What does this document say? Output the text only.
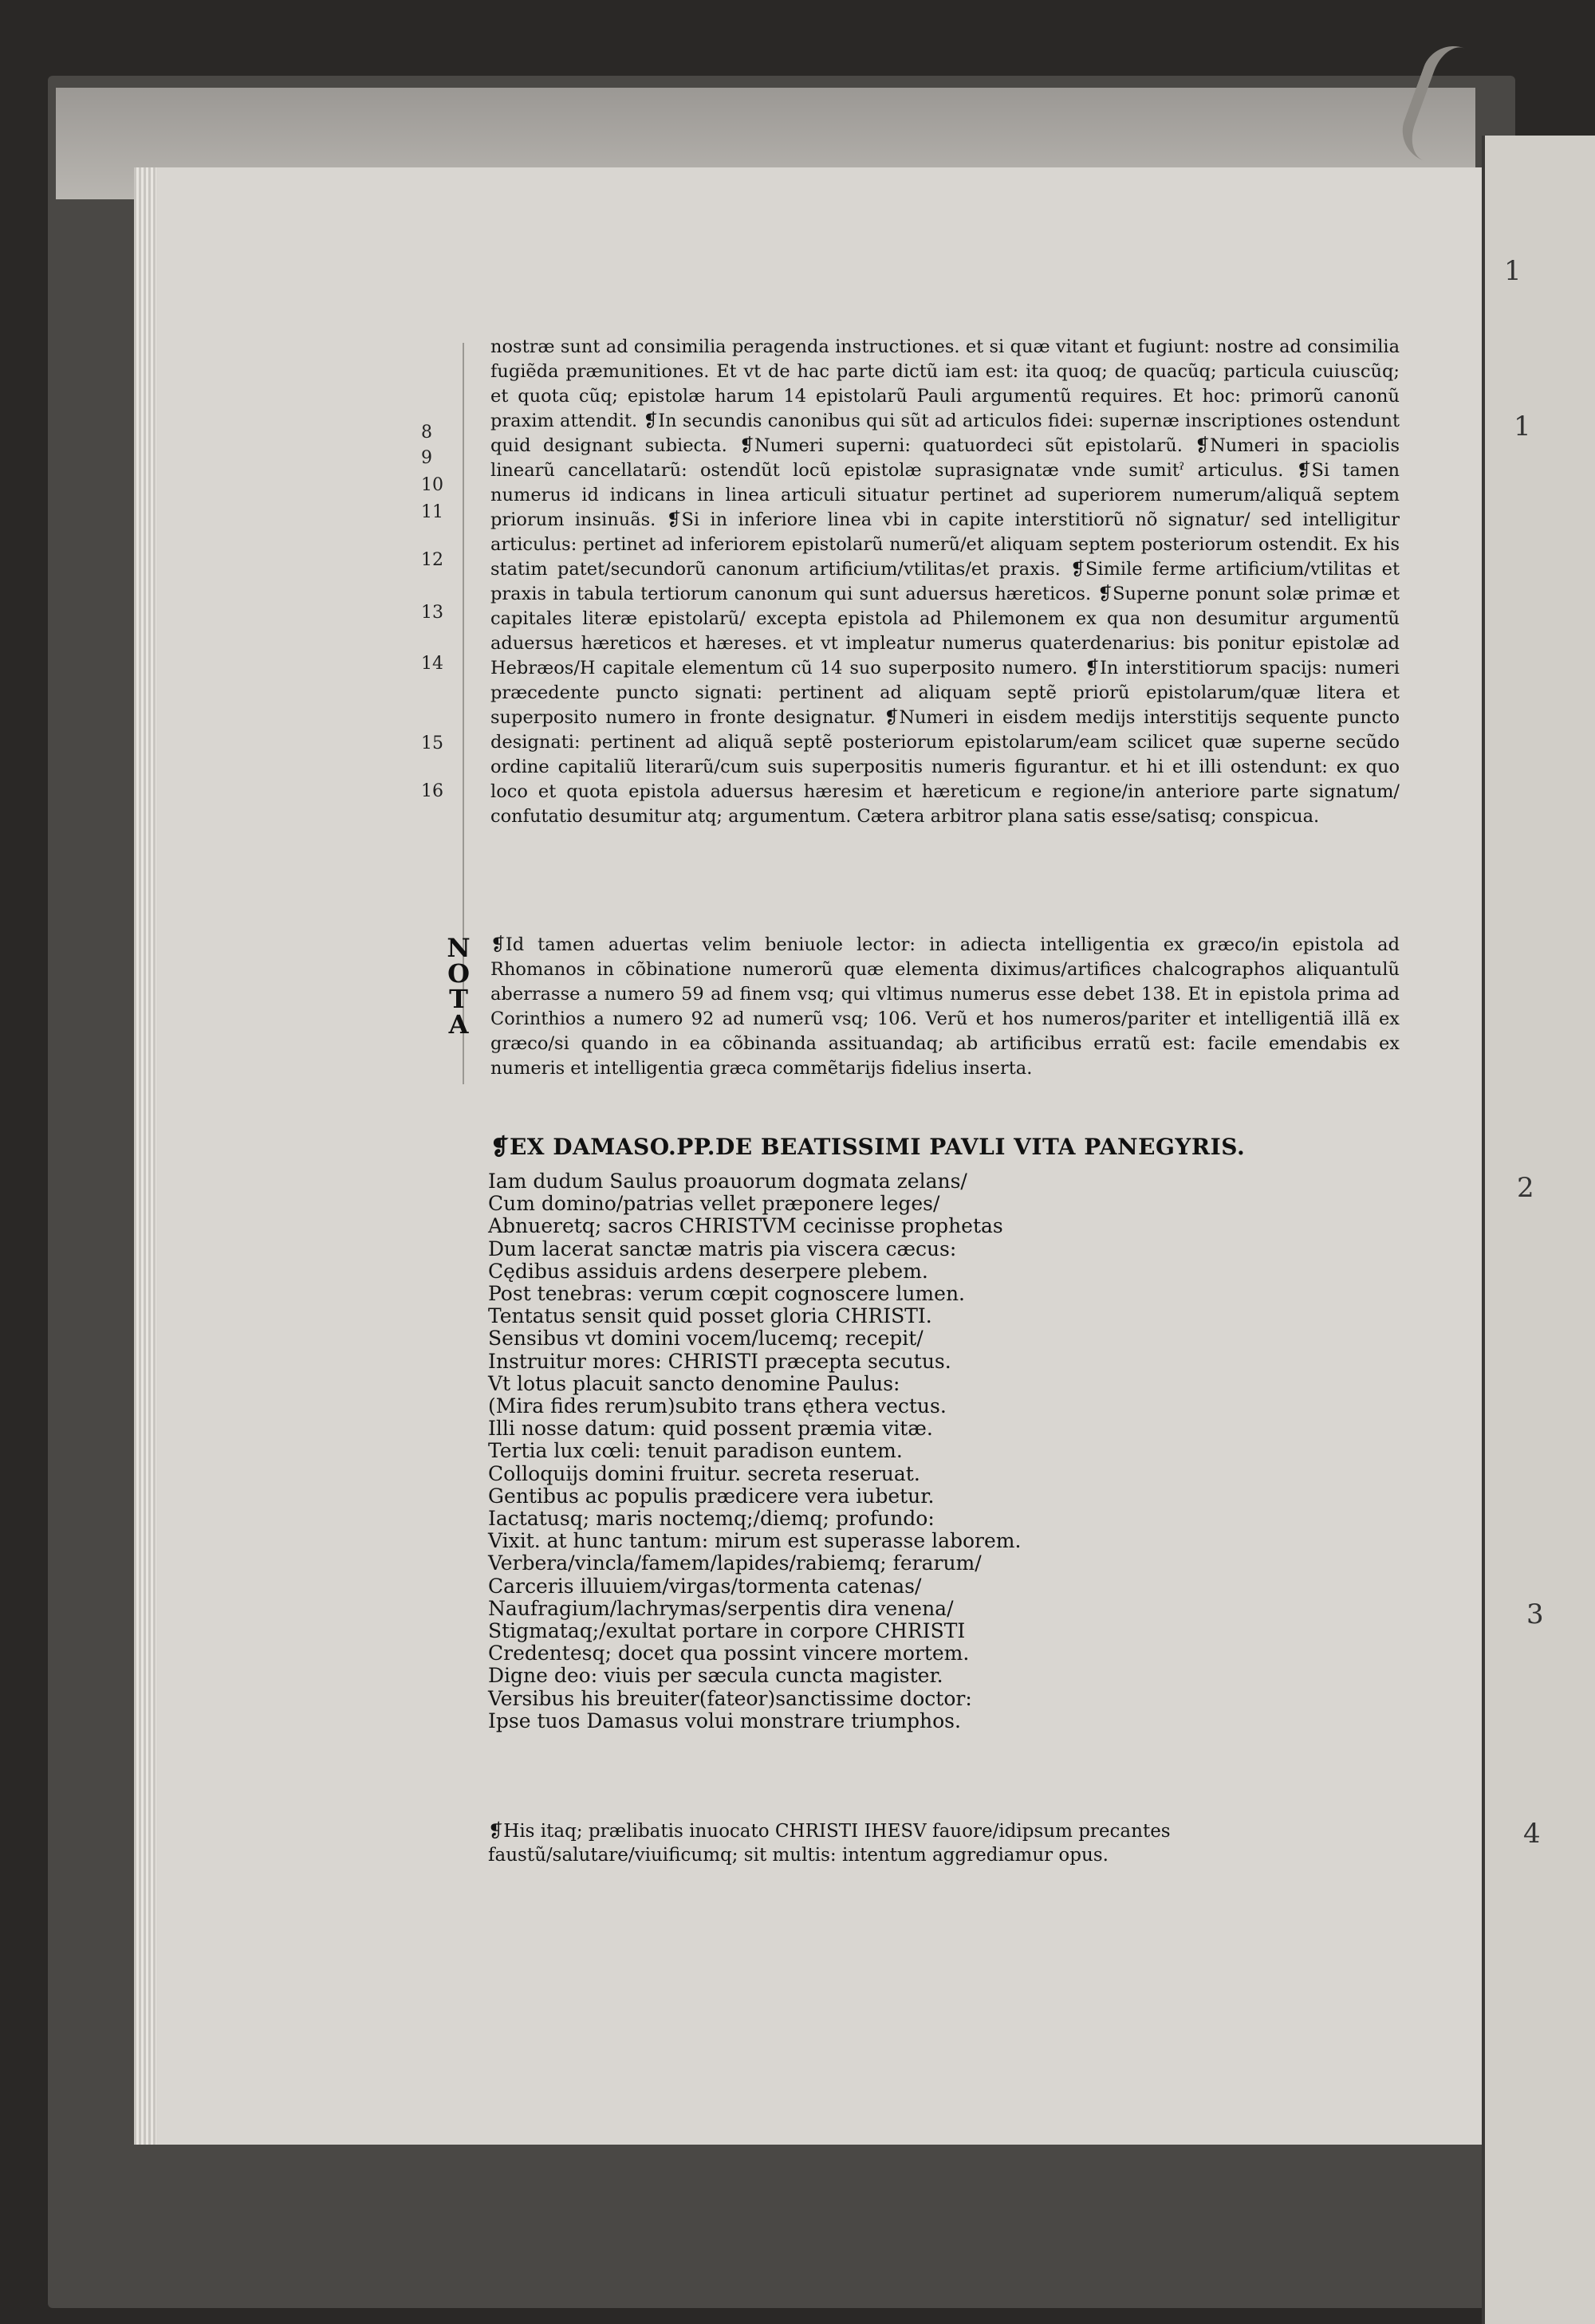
1
1
2
3
4
8
9
10
11
12
13
14
15
16
N
O
T
A

nostræ sunt ad consimilia peragenda instructiones. et si quæ vitant et fugiunt: nostre ad consimilia fugiẽda præmunitiones. Et vt de hac parte dictũ iam est: ita quoq; de quacũq; particula cuiuscũq; et quota cũq; epistolæ harum 14 epistolarũ Pauli argumentũ requires. Et hoc: primorũ canonũ praxim attendit. ❡In secundis canonibus qui sũt ad articulos fidei: supernæ inscriptiones ostendunt quid designant subiecta. ❡Numeri superni: quatuordeci sũt epistolarũ. ❡Numeri in spaciolis linearũ cancellatarũ: ostendũt locũ epistolæ suprasignatæ vnde sumitˀ articulus. ❡Si tamen numerus id indicans in linea articuli situatur pertinet ad superiorem numerum/aliquã septem priorum insinuãs. ❡Si in inferiore linea vbi in capite interstitiorũ nõ signatur/ sed intelligitur articulus: pertinet ad inferiorem epistolarũ numerũ/et aliquam septem posteriorum ostendit. Ex his statim patet/secundorũ canonum artificium/vtilitas/et praxis. ❡Simile ferme artificium/vtilitas et praxis in tabula tertiorum canonum qui sunt aduersus hæreticos. ❡Superne ponunt solæ primæ et capitales literæ epistolarũ/ excepta epistola ad Philemonem ex qua non desumitur argumentũ aduersus hæreticos et hæreses. et vt impleatur numerus quaterdenarius: bis ponitur epistolæ ad Hebræos/H capitale elementum cũ 14 suo superposito numero. ❡In interstitiorum spacijs: numeri præcedente puncto signati: pertinent ad aliquam septẽ priorũ epistolarum/quæ litera et superposito numero in fronte designatur. ❡Numeri in eisdem medijs interstitijs sequente puncto designati: pertinent ad aliquã septẽ posteriorum epistolarum/eam scilicet quæ superne secũdo ordine capitaliũ literarũ/cum suis superpositis numeris figurantur. et hi et illi ostendunt: ex quo loco et quota epistola aduersus hæresim et hæreticum e regione/in anteriore parte signatum/ confutatio desumitur atq; argumentum. Cætera arbitror plana satis esse/satisq; conspicua.

❡Id tamen aduertas velim beniuole lector: in adiecta intelligentia ex græco/in epistola ad Rhomanos in cõbinatione numerorũ quæ elementa diximus/artifices chalcographos aliquantulũ aberrasse a numero 59 ad finem vsq; qui vltimus numerus esse debet 138. Et in epistola prima ad Corinthios a numero 92 ad numerũ vsq; 106. Verũ et hos numeros/pariter et intelligentiã illã ex græco/si quando in ea cõbinanda assituandaq; ab artificibus erratũ est: facile emendabis ex numeris et intelligentia græca commẽtarijs fidelius inserta.
❡EX DAMASO.PP.DE BEATISSIMI PAVLI VITA PANEGYRIS.
Iam dudum Saulus proauorum dogmata zelans/
Cum domino/patrias vellet præponere leges/
Abnueretq; sacros CHRISTVM cecinisse prophetas
Dum lacerat sanctæ matris pia viscera cæcus:
Cędibus assiduis ardens deserpere plebem.
Post tenebras: verum cœpit cognoscere lumen.
Tentatus sensit quid posset gloria CHRISTI.
Sensibus vt domini vocem/lucemq; recepit/
Instruitur mores: CHRISTI præcepta secutus.
Vt lotus placuit sancto denomine Paulus:
(Mira fides rerum)subito trans ęthera vectus.
Illi nosse datum: quid possent præmia vitæ.
Tertia lux cœli: tenuit paradison euntem.
Colloquijs domini fruitur. secreta reseruat.
Gentibus ac populis prædicere vera iubetur.
Iactatusq; maris noctemq;/diemq; profundo:
Vixit. at hunc tantum: mirum est superasse laborem.
Verbera/vincla/famem/lapides/rabiemq; ferarum/
Carceris illuuiem/virgas/tormenta catenas/
Naufragium/lachrymas/serpentis dira venena/
Stigmataq;/exultat portare in corpore CHRISTI
Credentesq; docet qua possint vincere mortem.
Digne deo: viuis per sæcula cuncta magister.
Versibus his breuiter(fateor)sanctissime doctor:
Ipse tuos Damasus volui monstrare triumphos.
❡His itaq; prælibatis inuocato CHRISTI IHESV fauore/idipsum precantes faustũ/salutare/viuificumq; sit multis: intentum aggrediamur opus.
